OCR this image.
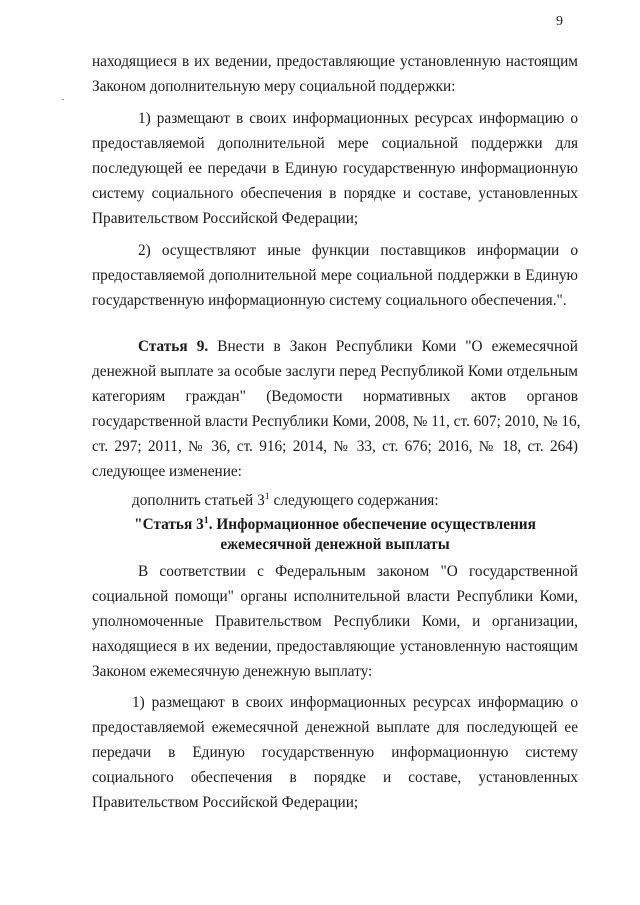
9
находящиеся в их ведении, предоставляющие установленную настоящим
Законом дополнительную меру социальной поддержки:
1) размещают в своих информационных ресурсах информацию о
предоставляемой дополнительной мере социальной поддержки для
последующей ее передачи в Единую государственную информационную
систему социального обеспечения в порядке и составе, установленных
Правительством Российской Федерации;
2) осуществляют иные функции поставщиков информации о
предоставляемой дополнительной мере социальной поддержки в Единую
государственную информационную систему социального обеспечения.".
Статья 9. Внести в Закон Республики Коми "О ежемесячной
денежной выплате за особые заслуги перед Республикой Коми отдельным
категориям граждан" (Ведомости нормативных актов органов
государственной власти Республики Коми, 2008, № 11, ст. 607; 2010, № 16,
ст. 297; 2011, № 36, ст. 916; 2014, № 33, ст. 676; 2016, № 18, ст. 264)
следующее изменение:
дополнить статьей $3^1$ следующего содержания:
"Статья $3^1$. Информационное обеспечение осуществления
ежемесячной денежной выплаты
В соответствии с Федеральным законом "О государственной
социальной помощи" органы исполнительной власти Республики Коми,
уполномоченные Правительством Республики Коми, и организации,
находящиеся в их ведении, предоставляющие установленную настоящим
Законом ежемесячную денежную выплату:
1) размещают в своих информационных ресурсах информацию о
предоставляемой ежемесячной денежной выплате для последующей ее
передачи в Единую государственную информационную систему
социального обеспечения в порядке и составе, установленных
Правительством Российской Федерации;
